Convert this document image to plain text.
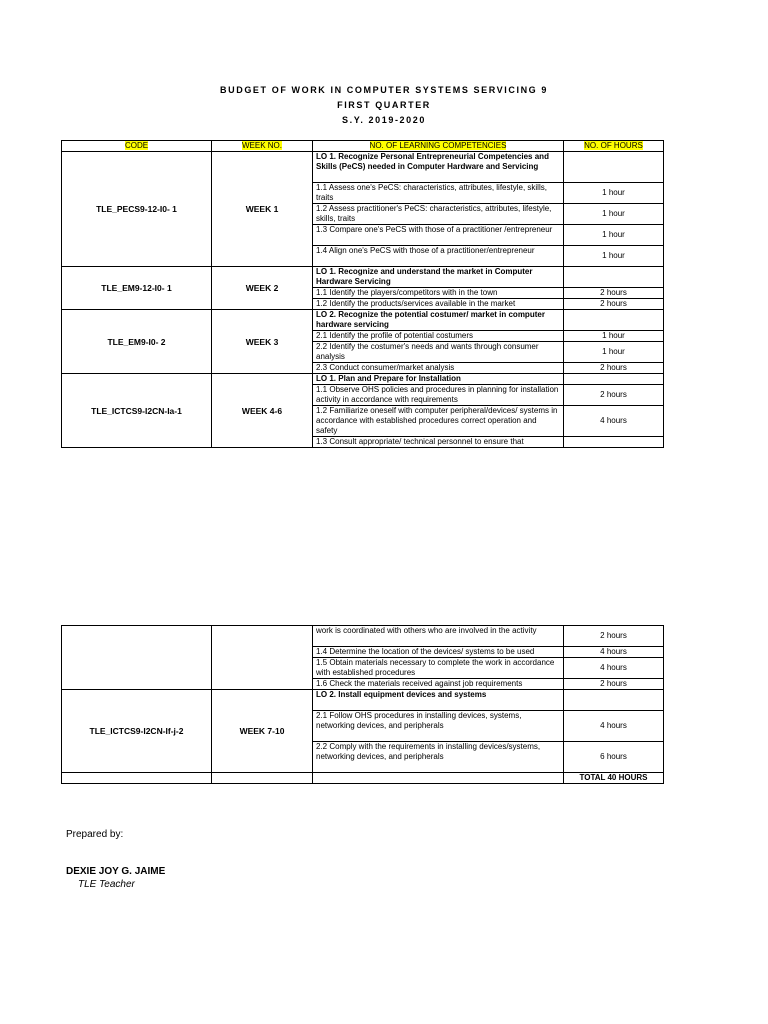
BUDGET OF WORK IN COMPUTER SYSTEMS SERVICING 9
FIRST QUARTER
S.Y. 2019-2020
CODE	WEEK NO.	NO. OF LEARNING COMPETENCIES	NO. OF HOURS
TLE_PECS9-12-I0- 1	WEEK 1	LO 1. Recognize Personal Entrepreneurial Competencies and Skills (PeCS) needed in Computer Hardware and Servicing	
		1.1 Assess one's PeCS: characteristics, attributes, lifestyle, skills, traits	1 hour
		1.2 Assess practitioner's PeCS: characteristics, attributes, lifestyle, skills, traits	1 hour
		1.3 Compare one's PeCS with those of a practitioner /entrepreneur	1 hour
		1.4 Align one's PeCS with those of a practitioner/entrepreneur	1 hour
TLE_EM9-12-I0- 1	WEEK 2	LO 1. Recognize and understand the market in Computer Hardware Servicing	
		1.1 Identify the players/competitors with in the town	2 hours
		1.2 Identify the products/services available in the market	2 hours
TLE_EM9-I0- 2	WEEK 3	LO 2. Recognize the potential costumer/ market in computer hardware servicing	
		2.1 Identify the profile of potential costumers	1 hour
		2.2 Identify the costumer's needs and wants through consumer analysis	1 hour
		2.3 Conduct consumer/market analysis	2 hours
TLE_ICTCS9-I2CN-Ia-1	WEEK 4-6	LO 1. Plan and Prepare for Installation	
		1.1 Observe OHS policies and procedures in planning for installation activity in accordance with requirements	2 hours
		1.2 Familiarize oneself with computer peripheral/devices/ systems in accordance with established procedures correct operation and safety	4 hours
		1.3 Consult appropriate/ technical personnel to ensure that	
		work is coordinated with others who are involved in the activity	2 hours
		1.4 Determine the location of the devices/ systems to be used	4 hours
		1.5 Obtain materials necessary to complete the work in accordance with established procedures	4 hours
		1.6 Check the materials received against job requirements	2 hours
TLE_ICTCS9-I2CN-If-j-2	WEEK 7-10	LO 2. Install equipment devices and systems	
		2.1 Follow OHS procedures in installing devices, systems, networking devices, and peripherals	4 hours
		2.2 Comply with the requirements in installing devices/systems, networking devices, and peripherals	6 hours
			TOTAL 40 HOURS
Prepared by:
DEXIE JOY G. JAIME
TLE Teacher
